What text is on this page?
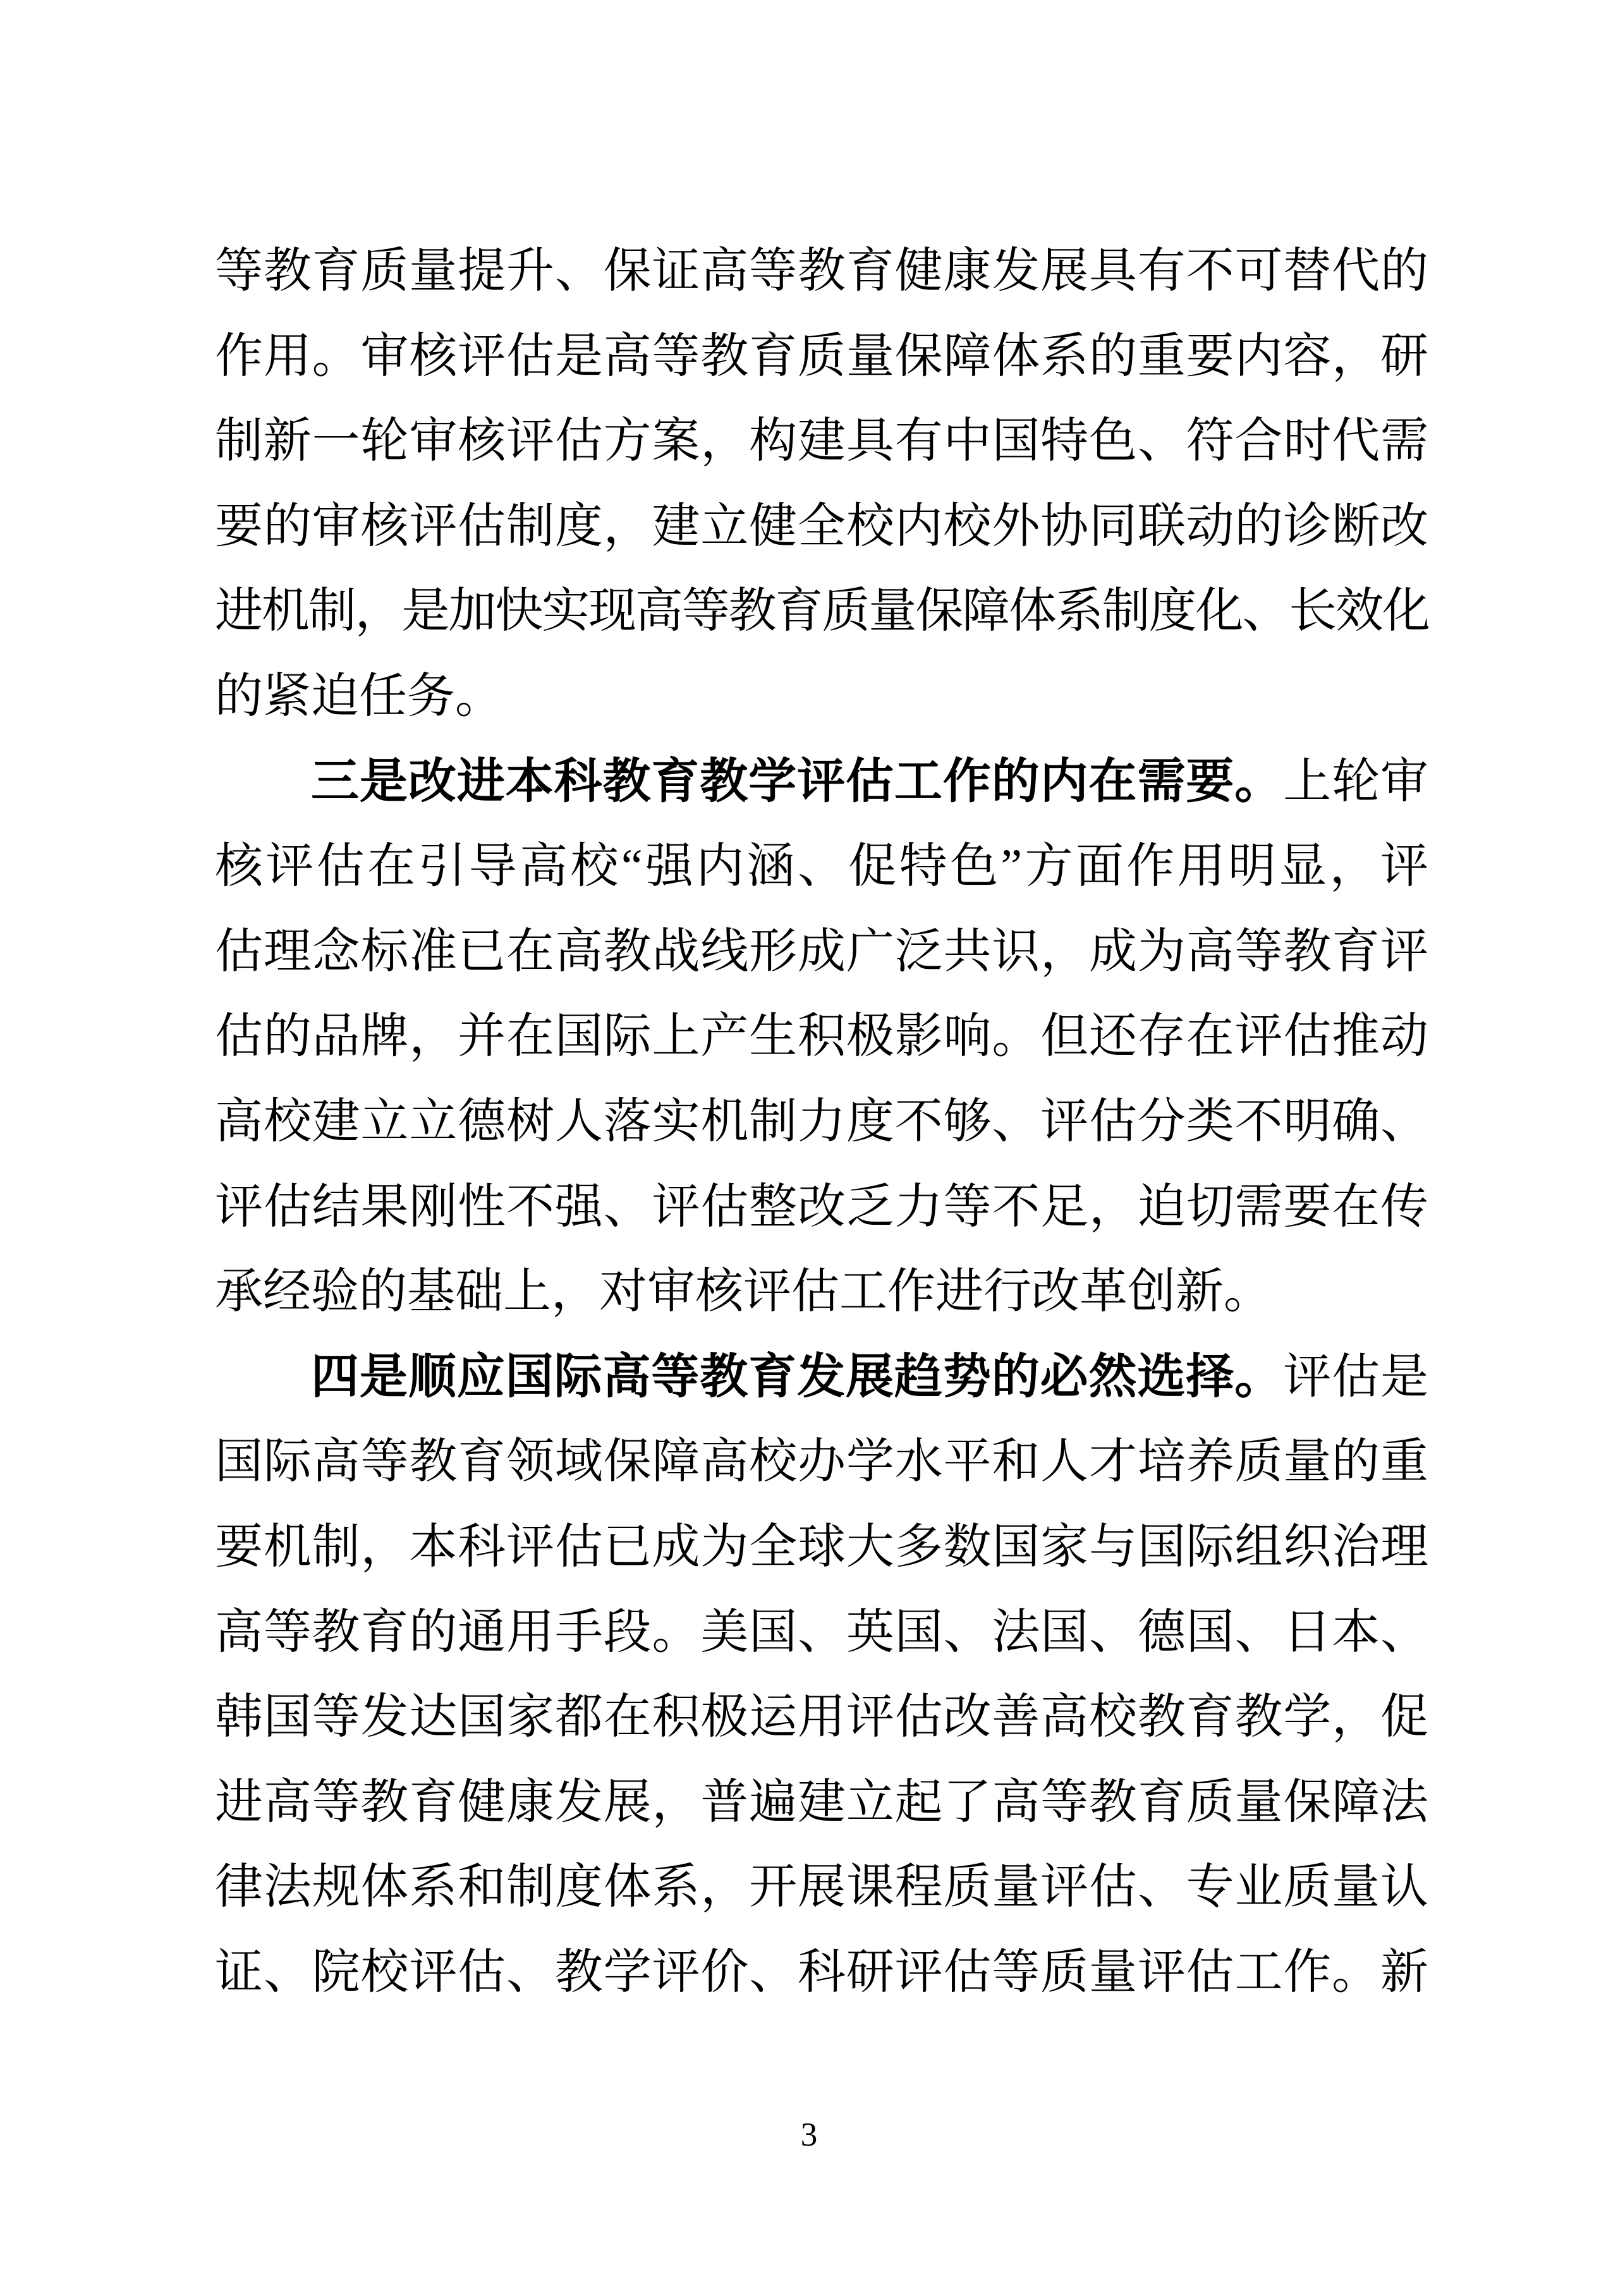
等教育质量提升、保证高等教育健康发展具有不可替代的
作用。审核评估是高等教育质量保障体系的重要内容，研
制新一轮审核评估方案，构建具有中国特色、符合时代需
要的审核评估制度，建立健全校内校外协同联动的诊断改
进机制，是加快实现高等教育质量保障体系制度化、长效化
的紧迫任务。
三是改进本科教育教学评估工作的内在需要。上轮审
核评估在引导高校“强内涵、促特色”方面作用明显，评
估理念标准已在高教战线形成广泛共识，成为高等教育评
估的品牌，并在国际上产生积极影响。但还存在评估推动
高校建立立德树人落实机制力度不够、评估分类不明确、
评估结果刚性不强、评估整改乏力等不足，迫切需要在传
承经验的基础上，对审核评估工作进行改革创新。
四是顺应国际高等教育发展趋势的必然选择。评估是
国际高等教育领域保障高校办学水平和人才培养质量的重
要机制，本科评估已成为全球大多数国家与国际组织治理
高等教育的通用手段。美国、英国、法国、德国、日本、
韩国等发达国家都在积极运用评估改善高校教育教学，促
进高等教育健康发展，普遍建立起了高等教育质量保障法
律法规体系和制度体系，开展课程质量评估、专业质量认
证、院校评估、教学评价、科研评估等质量评估工作。新
3
